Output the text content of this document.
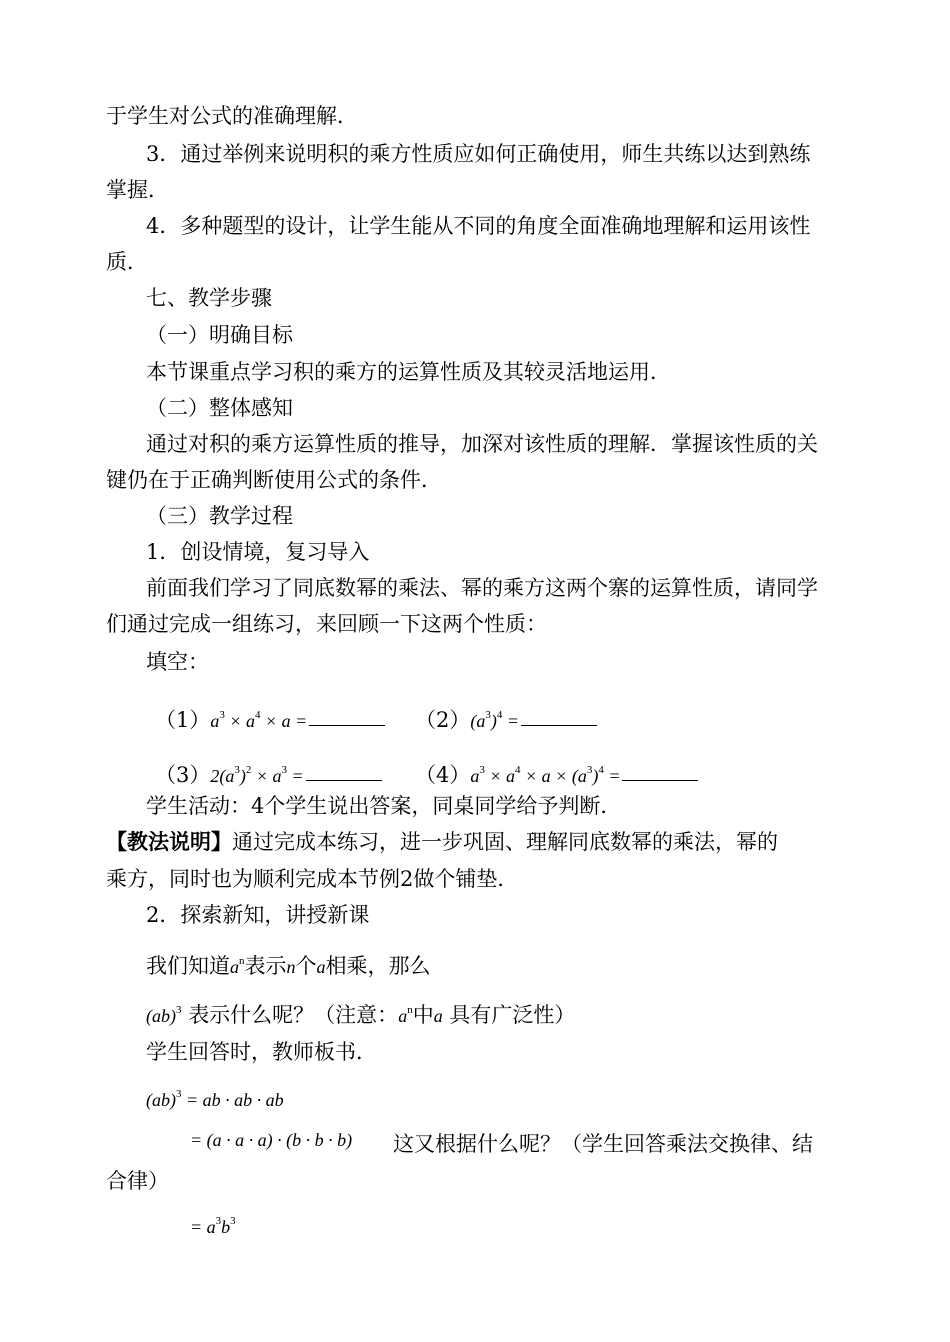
于学生对公式的准确理解．
3．通过举例来说明积的乘方性质应如何正确使用，师生共练以达到熟练
掌握．
4．多种题型的设计，让学生能从不同的角度全面准确地理解和运用该性
质．
七、教学步骤
（一）明确目标
本节课重点学习积的乘方的运算性质及其较灵活地运用．
（二）整体感知
通过对积的乘方运算性质的推导，加深对该性质的理解．掌握该性质的关
键仍在于正确判断使用公式的条件．
（三）教学过程
1．创设情境，复习导入
前面我们学习了同底数幂的乘法、幂的乘方这两个寨的运算性质，请同学
们通过完成一组练习，来回顾一下这两个性质：
填空：
$(1)a^3 \times a^4 \times a$ =	$(2)(a^3)^4$ =
$(3)2(a^3)^2 \times a^3$ =	$(4)a^3 \times a^4 \times a \times (a^3)^4$ =
学生活动：4个学生说出答案，同桌同学给予判断．
【教法说明】通过完成本练习，进一步巩固、理解同底数幂的乘法，幂的
乘方，同时也为顺利完成本节例2做个铺垫．
2．探索新知，讲授新课
我们知道$a^n$表示n个a相乘，那么
(ab)$^3$ 表示什么呢？（注意：$a^n$中a 具有广泛性）
学生回答时，教师板书．
(ab)$^3$ = ab · ab · ab
= (a · a · a) · (b · b · b) 这又根据什么呢？（学生回答乘法交换律、结
合律）
= $a^3b^3$
